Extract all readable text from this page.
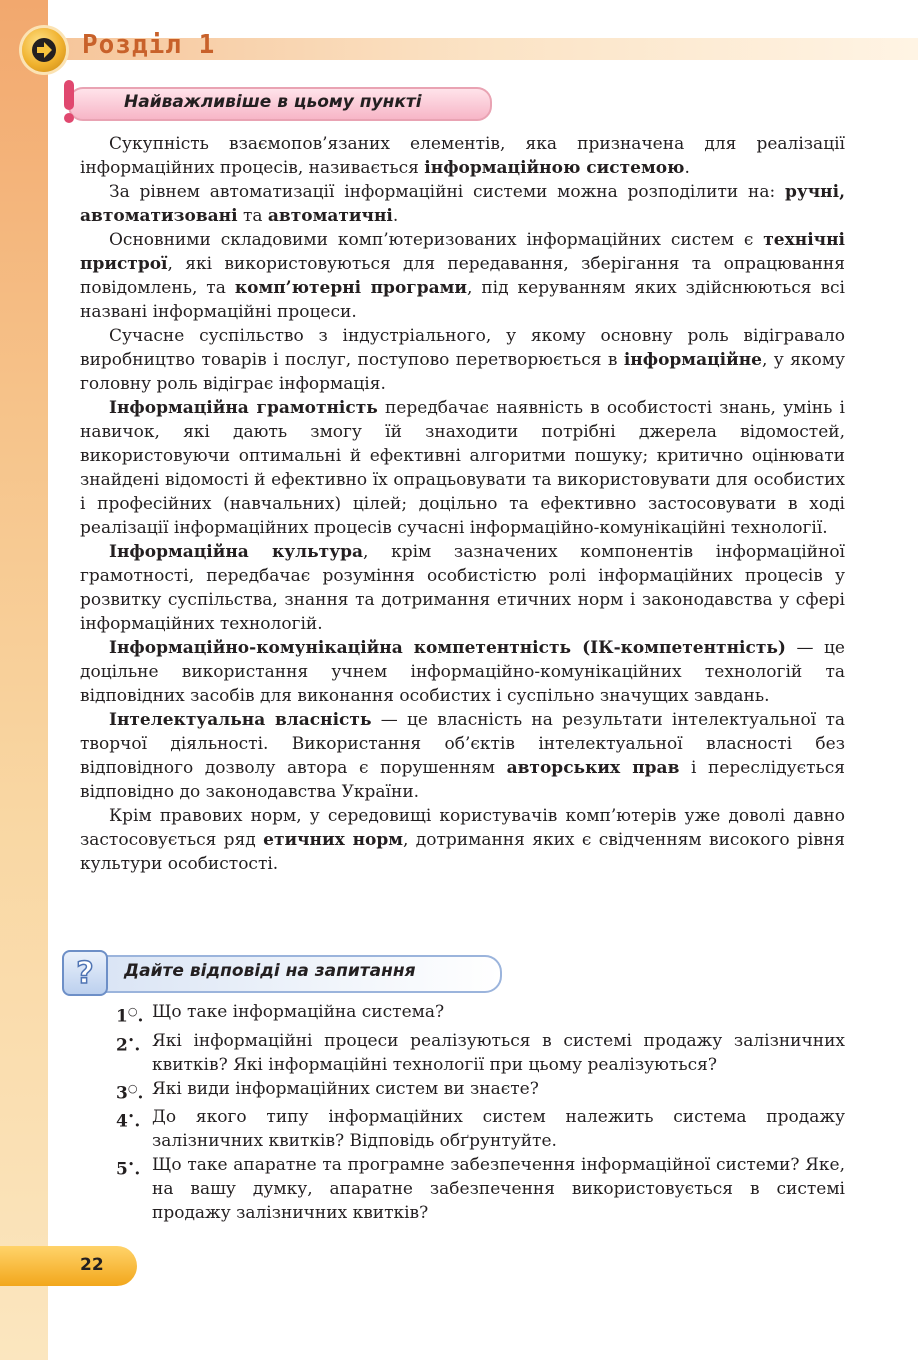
Розділ 1
Найважливіше в цьому пункті

Сукупність взаємопов’язаних елементів, яка призначена для реалізації інформаційних процесів, називається інформаційною системою.

За рівнем автоматизації інформаційні системи можна розподілити на: ручні, автоматизовані та автоматичні.

Основними складовими комп’ютеризованих інформаційних систем є технічні пристрої, які використовуються для передавання, зберігання та опрацювання повідомлень, та комп’ютерні програми, під керуванням яких здійснюються всі названі інформаційні процеси.

Сучасне суспільство з індустріального, у якому основну роль відігравало виробництво товарів і послуг, поступово перетворюється в інформаційне, у якому головну роль відіграє інформація.

Інформаційна грамотність передбачає наявність в особистості знань, умінь і навичок, які дають змогу їй знаходити потрібні джерела відомостей, використовуючи оптимальні й ефективні алгоритми пошуку; критично оцінювати знайдені відомості й ефективно їх опрацьовувати та використовувати для особистих і професійних (навчальних) цілей; доцільно та ефективно застосовувати в ході реалізації інформаційних процесів сучасні інформаційно-комунікаційні технології.

Інформаційна культура, крім зазначених компонентів інформаційної грамотності, передбачає розуміння особистістю ролі інформаційних процесів у розвитку суспільства, знання та дотримання етичних норм і законодавства у сфері інформаційних технологій.

Інформаційно-комунікаційна компетентність (ІК-компетентність) — це доцільне використання учнем інформаційно-комунікаційних технологій та відповідних засобів для виконання особистих і суспільно значущих завдань.

Інтелектуальна власність — це власність на результати інтелектуальної та творчої діяльності. Використання об’єктів інтелектуальної власності без відповідного дозволу автора є порушенням авторських прав і переслідується відповідно до законодавства України.

Крім правових норм, у середовищі користувачів комп’ютерів уже доволі давно застосовується ряд етичних норм, дотримання яких є свідченням високого рівня культури особистості.

? Дайте відповіді на запитання
1○. Що таке інформаційна система?
2•. Які інформаційні процеси реалізуються в системі продажу залізничних квитків? Які інформаційні технології при цьому реалізуються?
3○. Які види інформаційних систем ви знаєте?
4•. До якого типу інформаційних систем належить система продажу залізничних квитків? Відповідь обґрунтуйте.
5•. Що таке апаратне та програмне забезпечення інформаційної системи? Яке, на вашу думку, апаратне забезпечення використовується в системі продажу залізничних квитків?
22
